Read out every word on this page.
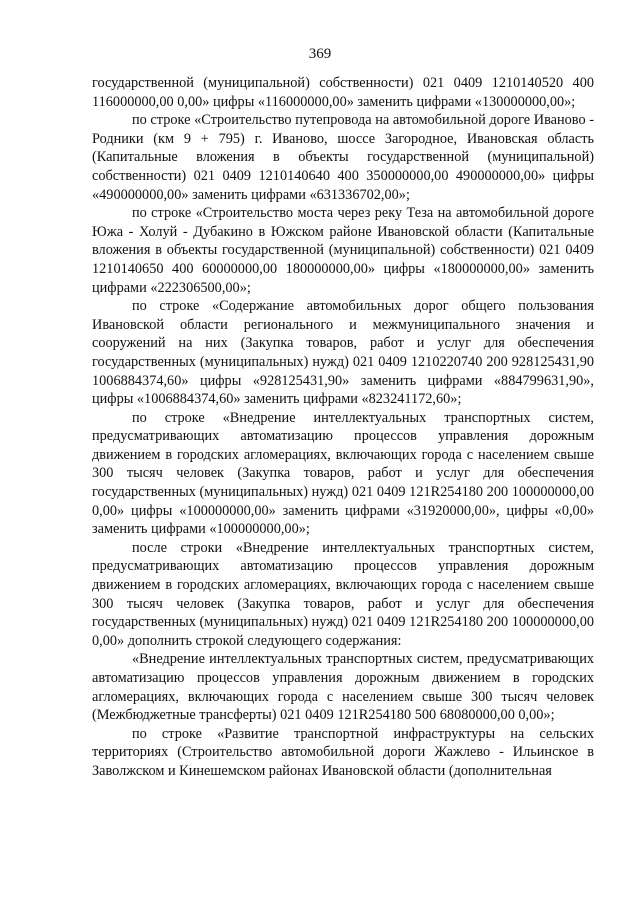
369

государственной (муниципальной) собственности) 021 0409 1210140520 400 116000000,00 0,00» цифры «116000000,00» заменить цифрами «130000000,00»;

по строке «Строительство путепровода на автомобильной дороге Иваново - Родники (км 9 + 795) г. Иваново, шоссе Загородное, Ивановская область (Капитальные вложения в объекты государственной (муниципальной) собственности) 021 0409 1210140640 400 350000000,00 490000000,00» цифры «490000000,00» заменить цифрами «631336702,00»;

по строке «Строительство моста через реку Теза на автомобильной дороге Южа - Холуй - Дубакино в Южском районе Ивановской области (Капитальные вложения в объекты государственной (муниципальной) собственности) 021 0409 1210140650 400 60000000,00 180000000,00» цифры «180000000,00» заменить цифрами «222306500,00»;

по строке «Содержание автомобильных дорог общего пользования Ивановской области регионального и межмуниципального значения и сооружений на них (Закупка товаров, работ и услуг для обеспечения государственных (муниципальных) нужд) 021 0409 1210220740 200 928125431,90 1006884374,60» цифры «928125431,90» заменить цифрами «884799631,90», цифры «1006884374,60» заменить цифрами «823241172,60»;

по строке «Внедрение интеллектуальных транспортных систем, предусматривающих автоматизацию процессов управления дорожным движением в городских агломерациях, включающих города с населением свыше 300 тысяч человек (Закупка товаров, работ и услуг для обеспечения государственных (муниципальных) нужд) 021 0409 121R254180 200 100000000,00 0,00» цифры «100000000,00» заменить цифрами «31920000,00», цифры «0,00» заменить цифрами «100000000,00»;

после строки «Внедрение интеллектуальных транспортных систем, предусматривающих автоматизацию процессов управления дорожным движением в городских агломерациях, включающих города с населением свыше 300 тысяч человек (Закупка товаров, работ и услуг для обеспечения государственных (муниципальных) нужд) 021 0409 121R254180 200 100000000,00 0,00» дополнить строкой следующего содержания:

«Внедрение интеллектуальных транспортных систем, предусматривающих автоматизацию процессов управления дорожным движением в городских агломерациях, включающих города с населением свыше 300 тысяч человек (Межбюджетные трансферты) 021 0409 121R254180 500 68080000,00 0,00»;

по строке «Развитие транспортной инфраструктуры на сельских территориях (Строительство автомобильной дороги Жажлево - Ильинское в Заволжском и Кинешемском районах Ивановской области (дополнительная
